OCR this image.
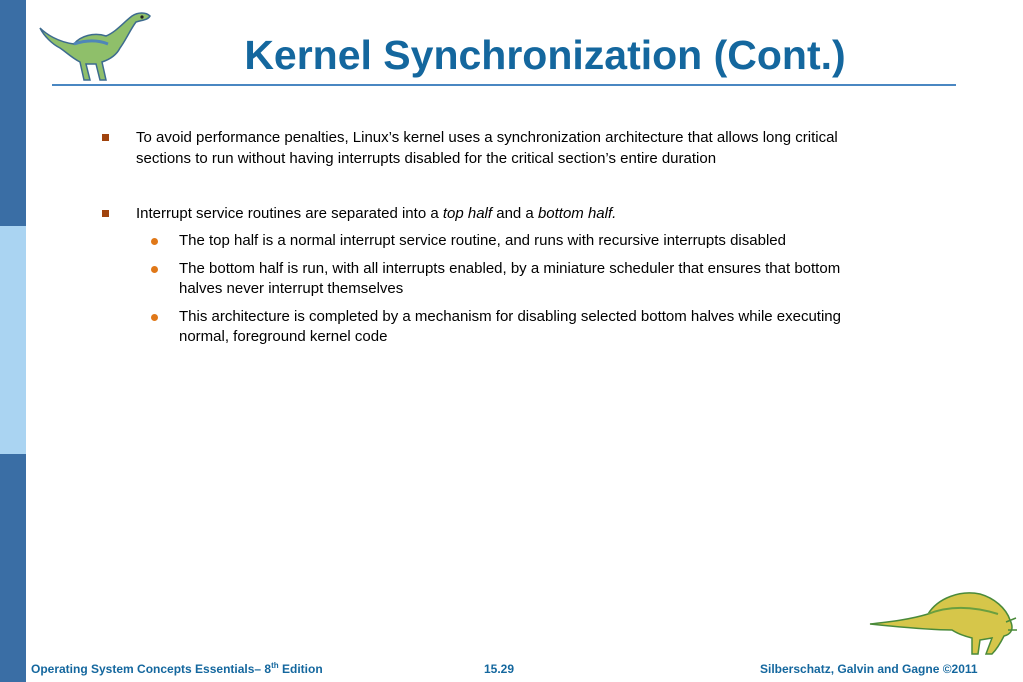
Kernel Synchronization (Cont.)
To avoid performance penalties, Linux’s kernel uses a synchronization architecture that allows long critical
sections to run without having interrupts disabled for the critical section’s entire duration
Interrupt service routines are separated into a top half and a bottom half.
The top half is a normal interrupt service routine, and runs with recursive interrupts disabled
The bottom half is run, with all interrupts enabled, by a miniature scheduler that ensures that bottom
halves never interrupt themselves
This architecture is completed by a mechanism for disabling selected bottom halves while executing
normal, foreground kernel code
Operating System Concepts Essentials– 8th Edition	15.29	Silberschatz, Galvin and Gagne ©2011
